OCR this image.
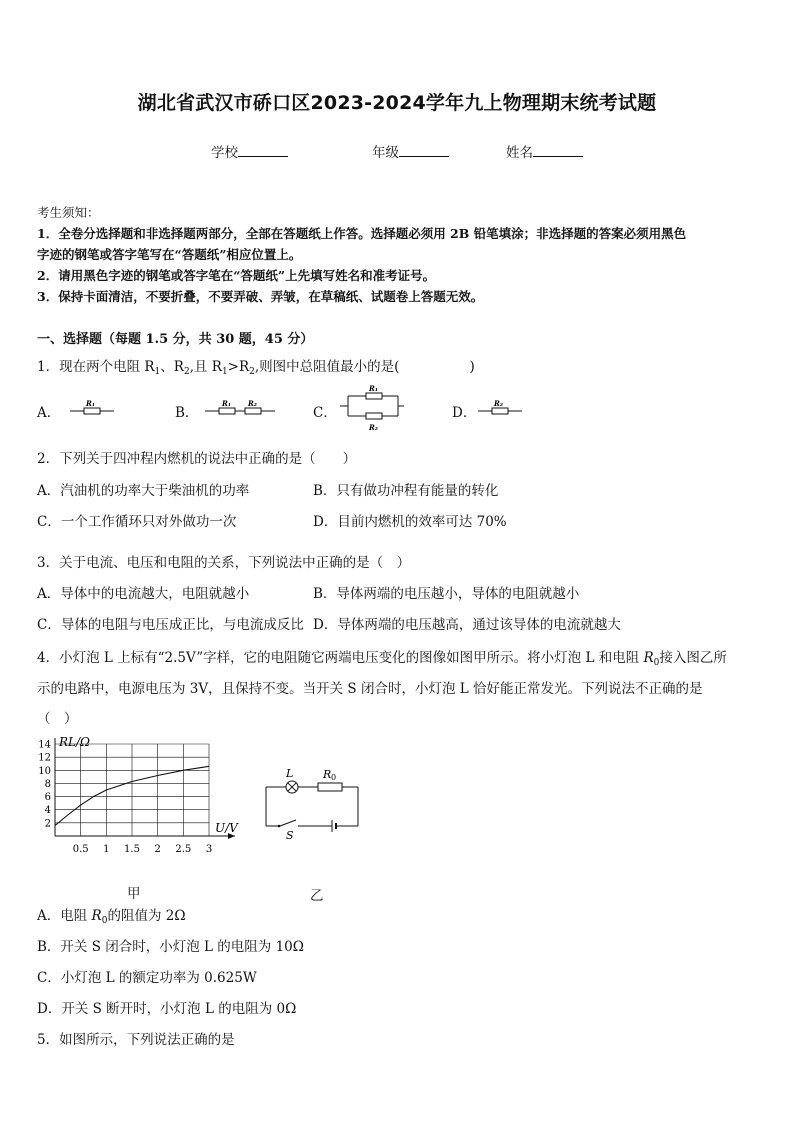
湖北省武汉市硚口区2023-2024学年九上物理期末统考试题
学校	年级	姓名
考生须知：
1．全卷分选择题和非选择题两部分，全部在答题纸上作答。选择题必须用 2B 铅笔填涂；非选择题的答案必须用黑色
字迹的钢笔或答字笔写在“答题纸”相应位置上。
2．请用黑色字迹的钢笔或答字笔在“答题纸”上先填写姓名和准考证号。
3．保持卡面清洁，不要折叠，不要弄破、弄皱，在草稿纸、试题卷上答题无效。
一、选择题（每题 1.5 分，共 30 题，45 分）
1．现在两个电阻 $R_1$、$R_2$,且 $R_1>R_2$,则图中总阻值最小的是(	)
A．
R₁
B．
R₁ R₂
C．
R₁
R₂
D．
R₂
2．下列关于四冲程内燃机的说法中正确的是（　　）
A．汽油机的功率大于柴油机的功率	B．只有做功冲程有能量的转化
C．一个工作循环只对外做功一次	D．目前内燃机的效率可达 70%
3．关于电流、电压和电阻的关系，下列说法中正确的是（　）
A．导体中的电流越大，电阻就越小	B．导体两端的电压越小，导体的电阻就越小
C．导体的电阻与电压成正比，与电流成反比 D．导体两端的电压越高，通过该导体的电流就越大
4．小灯泡 L 上标有“2.5V”字样，它的电阻随它两端电压变化的图像如图甲所示。将小灯泡 L 和电阻 $R_0$接入图乙所
示的电路中，电源电压为 3V，且保持不变。当开关 S 闭合时，小灯泡 L 恰好能正常发光。下列说法不正确的是
（　）
0.5 1 1.5 2 2.5 3
2
4
6
8
10
12
14 RL/Ω
U/V
甲
L	R 0
S
乙
A．电阻 $R_0$的阻值为 2Ω
B．开关 S 闭合时，小灯泡 L 的电阻为 10Ω
C．小灯泡 L 的额定功率为 0.625W
D．开关 S 断开时，小灯泡 L 的电阻为 0Ω
5．如图所示，下列说法正确的是
